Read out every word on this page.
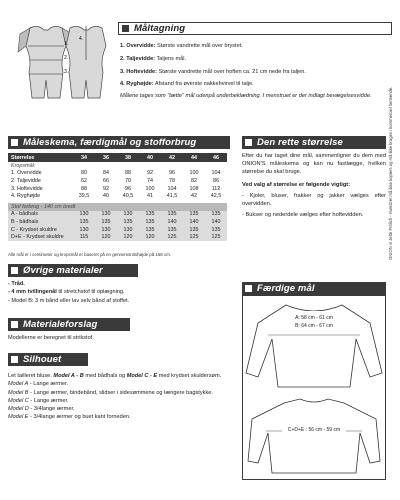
Måltagning
1.
2.
3.
4.
1. Overvidde: Største vandrette mål over brystet.
2. Taljevidde: Taljens mål.
3. Hoftevidde: Største vandrette mål over hoften ca. 21 cm nede fra taljen.
4. Ryghøjde: Afstand fra øverste nakkehvirvel til talje.
Målene tages som "tætte" mål udenpå underbeklædning. I menstruet er der indlagt bevægelsesvidde.
Måleskema, færdigmål og stofforbrug
Størrelse	34	36	38	40	42	44	46
Kropsmål:
1. Overvidde	80	84	88	92	96	100	104
2. Taljevidde	62	66	70	74	78	82	86
3. Hoftevidde	88	92	96	100	104	108	112
4. Ryghøjde	39,5	40	40,5	41	41,5	42	42,5
Stof forbrug - 140 cm bredt
A - bådhals	130	130	130	135	135	135	135
B - bådhals	135	135	135	135	140	140	140
C - Krydset skuldre	130	130	130	135	135	135	135
D+E - Krydset skuldre	115	120	120	120	125	125	125
Alle mål er i centimeter og kropsmål er baseret på en gennemsnitshøjde på 168 cm.
Øvrige materialer
- Tråd.
- 4 mm tvillingenål til stretchstof til oplægning.
- Model B: 3 m bånd eller lav selv bånd af stoffet.
Materialeforslag
Modellerne er beregnet til strikstof.
Silhouet
Let tailleret bluse. Model A - B med bådhals og Model C - E med krydset skuldersøm.
Model A - Lange ærmer.
Model B - Lange ærmer, bindebånd, slidser i sidesømmene og længere bagstykke.
Model C - Lange ærmer.
Model D - 3/4lange ærmer.
Model E - 3/4lange ærmer og buet kant forneden.
Den rette størrelse
Efter du har taget dine mål, sammenligner du dem med ONION'S måleskema og kan nu fastlægge, hvilken størrelse du skal bruge.
Ved valg af størrelse er følgende vigtigt:
- Kjoler, bluser, frakker og jakker vælges efter overvidden.
- Bukser og nederdele vælges efter hoftevidden.
Færdige mål
A: 58 cm - 61 cm
B: 64 cm - 67 cm
C+D+E : 56 cm - 59 cm
ONION v/ Jette Frölich - mønstret må ikke kopiers og må ikke bruges i kommerciel hensende.
